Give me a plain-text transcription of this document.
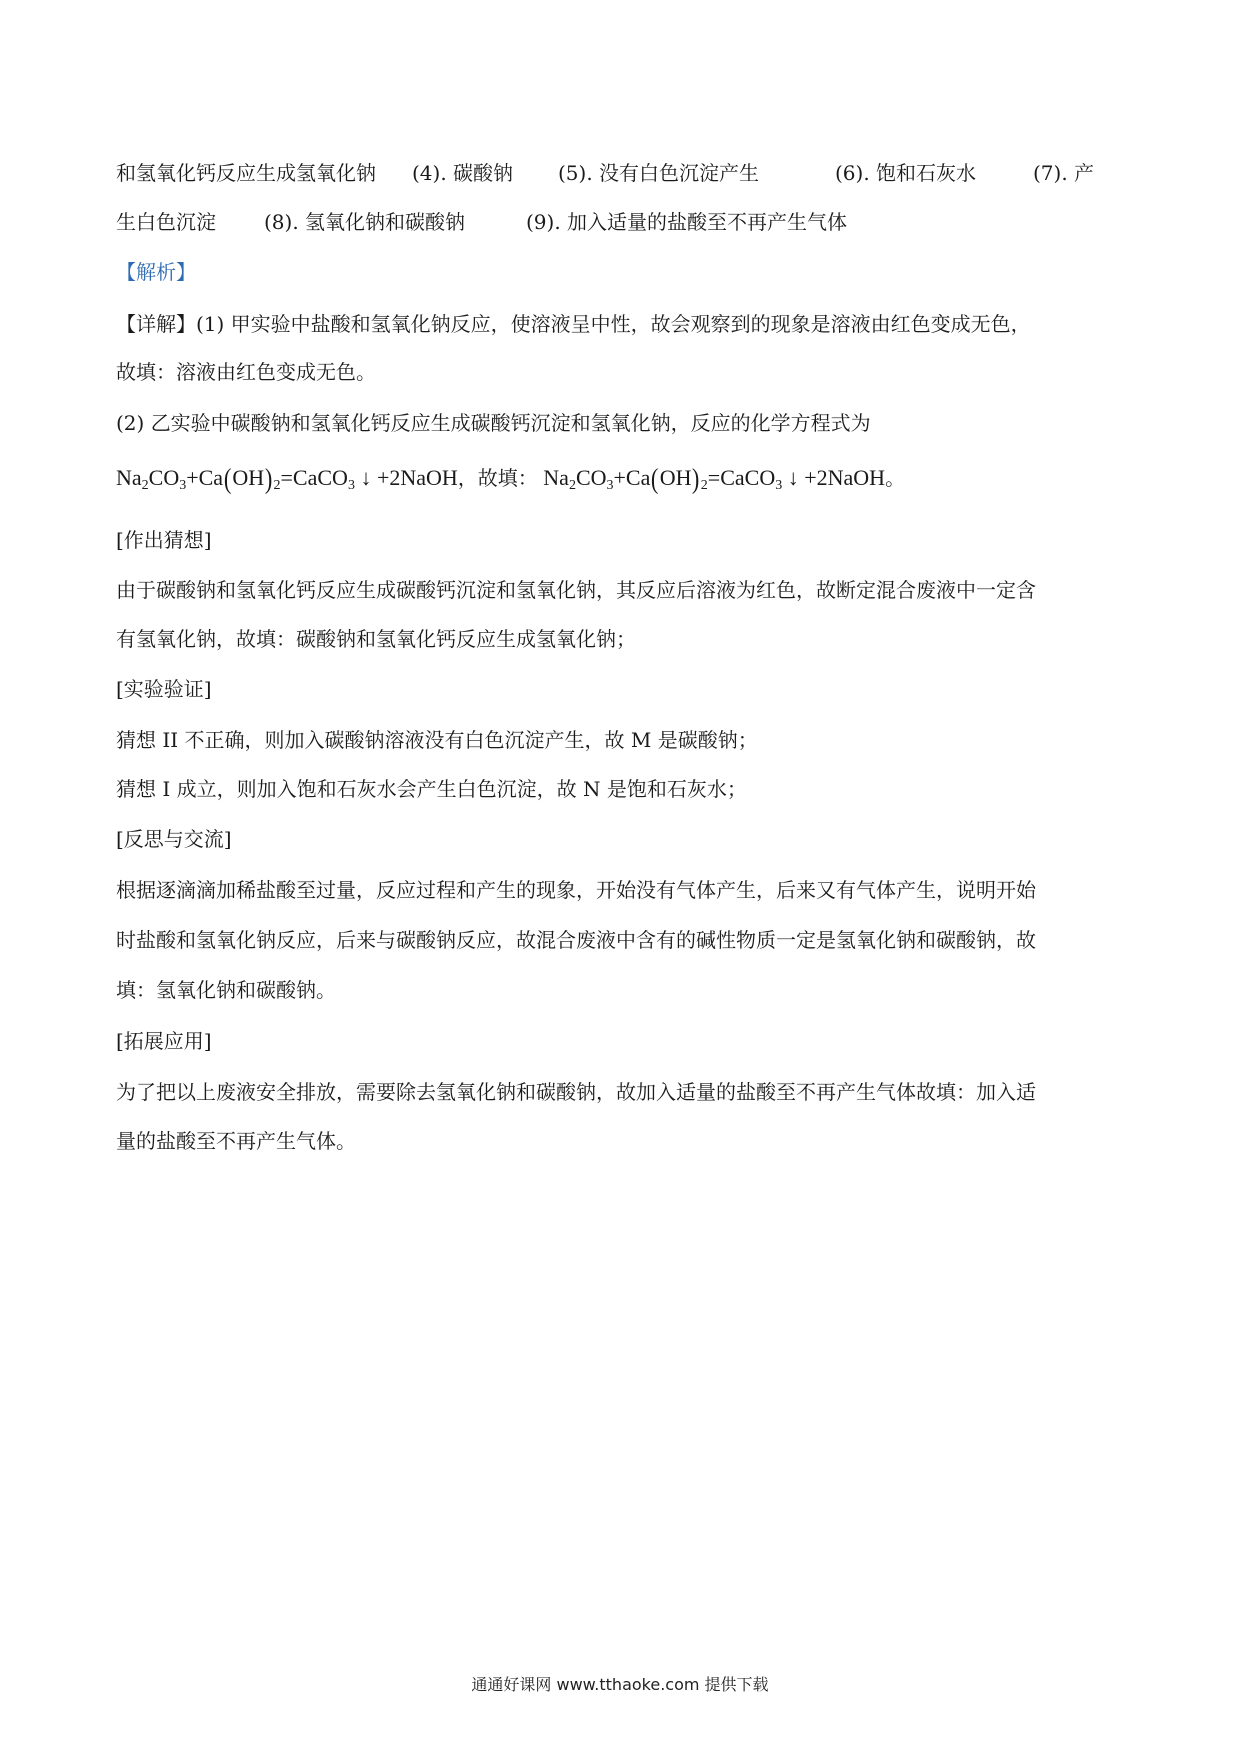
和氢氧化钙反应生成氢氧化钠 (4). 碳酸钠 (5). 没有白色沉淀产生	(6). 饱和石灰水	(7). 产
生白色沉淀 (8). 氢氧化钠和碳酸钠	(9). 加入适量的盐酸至不再产生气体
【解析】
【详解】(1) 甲实验中盐酸和氢氧化钠反应，使溶液呈中性，故会观察到的现象是溶液由红色变成无色，
故填：溶液由红色变成无色。
(2) 乙实验中碳酸钠和氢氧化钙反应生成碳酸钙沉淀和氢氧化钠，反应的化学方程式为
$Na_2CO_3+Ca(OH)_2=CaCO_3$ ↓ +2NaOH，故填： $Na_2CO_3+Ca(OH)_2=CaCO_3$ ↓ +2NaOH。
[作出猜想]
由于碳酸钠和氢氧化钙反应生成碳酸钙沉淀和氢氧化钠，其反应后溶液为红色，故断定混合废液中一定含
有氢氧化钠，故填：碳酸钠和氢氧化钙反应生成氢氧化钠；
[实验验证]
猜想 II 不正确，则加入碳酸钠溶液没有白色沉淀产生，故 M 是碳酸钠；
猜想 I 成立，则加入饱和石灰水会产生白色沉淀，故 N 是饱和石灰水；
[反思与交流]
根据逐滴滴加稀盐酸至过量，反应过程和产生的现象，开始没有气体产生，后来又有气体产生，说明开始
时盐酸和氢氧化钠反应，后来与碳酸钠反应，故混合废液中含有的碱性物质一定是氢氧化钠和碳酸钠，故
填：氢氧化钠和碳酸钠。
[拓展应用]
为了把以上废液安全排放，需要除去氢氧化钠和碳酸钠，故加入适量的盐酸至不再产生气体故填：加入适
量的盐酸至不再产生气体。
通通好课网 www.tthaoke.com 提供下载
